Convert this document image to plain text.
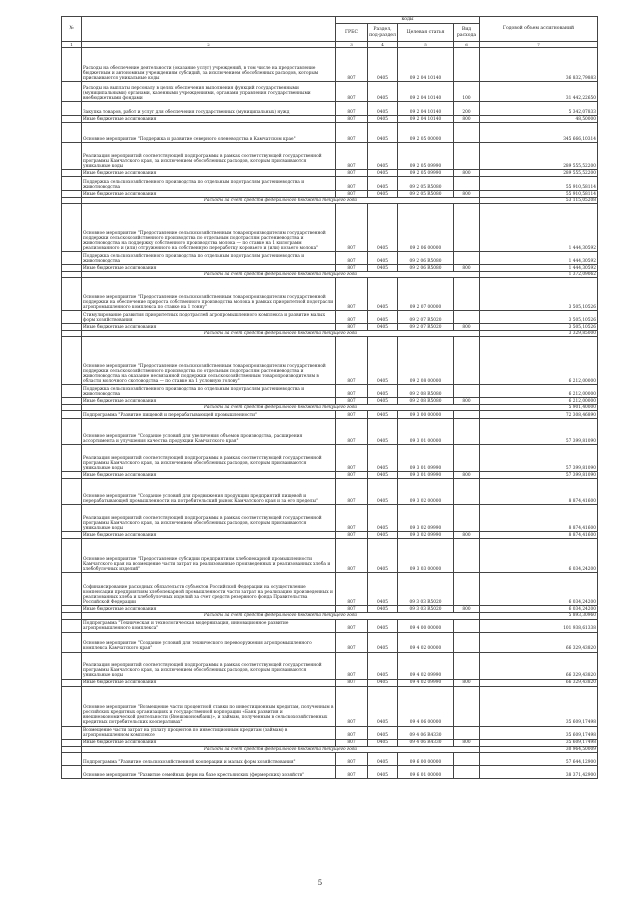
№		коды				Годовой объем ассигнований
		ГРБС	Раздел, под-раздел	Целевая статья	Вид расхода	
1	2	3	4	5	6	7
	Расходы на обеспечение деятельности (оказание услуг) учреждений, в том числе на предоставление бюджетным и автономным учреждениям субсидий, за исключением обособленных расходов, которым присваиваются уникальные коды	807	0405	09 2 04 10140		36 832,79883
	Расходы на выплаты персоналу в целях обеспечения выполнения функций государственными (муниципальными) органами, казенными учреждениями, органами управления государственными внебюджетными фондами	807	0405	09 2 04 10140	100	31 442,22650
	Закупка товаров, работ и услуг для обеспечения государственных (муниципальных) нужд	807	0405	09 2 04 10140	200	5 342,07833
	Иные бюджетные ассигнования	807	0405	09 2 04 10140	800	48,50000
	Основное мероприятие "Поддержка и развитие северного оленеводства в Камчатском крае"	807	0405	09 2 05 00000		345 666,10314
	Реализация мероприятий соответствующей подпрограммы в рамках соответствующей государственной программы Камчатского края, за исключением обособленных расходов, которым присваиваются уникальные коды	807	0405	09 2 05 09990		289 555,52200
	Иные бюджетные ассигнования	807	0405	09 2 05 09990	800	289 555,52200
	Поддержка сельскохозяйственного производства по отдельным подотраслям растениеводства и животноводства	807	0405	09 2 05 R5080		55 910,58114
	Иные бюджетные ассигнования	807	0405	09 2 05 R5080	800	55 910,58114
	Расходы за счет средств федерального бюджета текущего года					53 115,05208
	Основное мероприятие "Предоставление сельскохозяйственным товаропроизводителям государственной поддержки сельскохозяйственного производства по отдельным подотраслям растениеводства и животноводства на поддержку собственного производства молока — по ставке на 1 килограмм реализованного и (или) отгруженного на собственную переработку коровьего и (или) козьего молока"	807	0405	09 2 06 00000		1 444,30592
	Поддержка сельскохозяйственного производства по отдельным подотраслям растениеводства и животноводства	807	0405	09 2 06 R5080		1 444,30592
	Иные бюджетные ассигнования	807	0405	09 2 06 R5080	800	1 444,30592
	Расходы за счет средств федерального бюджета текущего года					1 372,09062
	Основное мероприятие "Предоставление сельскохозяйственным товаропроизводителям государственной поддержки на обеспечение прироста собственного производства молока в рамках приоритетной подотрасли агропромышленного комплекса по ставке на 1 тонну"	807	0405	09 2 07 00000		3 505,10526
	Стимулирование развития приоритетных подотраслей агропромышленного комплекса и развитие малых форм хозяйствования	807	0405	09 2 07 R5020		3 505,10526
	Иные бюджетные ассигнования	807	0405	09 2 07 R5020	800	3 505,10526
	Расходы за счет средств федерального бюджета текущего года					3 329,85000
	Основное мероприятие "Предоставление сельскохозяйственным товаропроизводителям государственной поддержки сельскохозяйственного производства по отдельным подотраслям растениеводства и животноводства на оказание несвязанной поддержки сельскохозяйственным товаропроизводителям в области молочного скотоводства — по ставке на 1 условную голову"	807	0405	09 2 08 00000		6 212,00000
	Поддержка сельскохозяйственного производства по отдельным подотраслям растениеводства и животноводства	807	0405	09 2 08 R5080		6 212,00000
	Иные бюджетные ассигнования	807	0405	09 2 08 R5080	800	6 212,00000
	Расходы за счет средств федерального бюджета текущего года					5 901,40000
	Подпрограмма "Развитие пищевой и перерабатывающей промышленности"	807	0405	09 3 00 00000		72 308,46890
	Основное мероприятие "Создание условий для увеличения объемов производства, расширения ассортимента и улучшения качества продукции Камчатского края"	807	0405	09 3 01 00000		57 399,81090
	Реализация мероприятий соответствующей подпрограммы в рамках соответствующей государственной программы Камчатского края, за исключением обособленных расходов, которым присваиваются уникальные коды	807	0405	09 3 01 09990		57 399,81090
	Иные бюджетные ассигнования	807	0405	09 3 01 09990	800	57 399,81090
	Основное мероприятие "Создание условий для продвижения продукции предприятий пищевой и перерабатывающей промышленности на потребительский рынок Камчатского края и за его пределы"	807	0405	09 3 02 00000		8 874,41600
	Реализация мероприятий соответствующей подпрограммы в рамках соответствующей государственной программы Камчатского края, за исключением обособленных расходов, которым присваиваются уникальные коды	807	0405	09 3 02 09990		8 874,41600
	Иные бюджетные ассигнования	807	0405	09 3 02 09990	800	8 874,41600
	Основное мероприятие "Предоставление субсидии предприятиям хлебопекарной промышленности Камчатского края на возмещение части затрат на реализованные произведенных и реализованных хлеба и хлебобулочных изделий"	807	0405	09 3 03 00000		6 034,24200
	Софинансирование расходных обязательств субъектов Российской Федерации на осуществление компенсации предприятиям хлебопекарной промышленности части затрат на реализацию произведенных и реализованных хлеба и хлебобулочных изделий за счет средств резервного фонда Правительства Российской Федерации	807	0405	09 3 03 R5020		6 034,24200
	Иные бюджетные ассигнования	807	0405	09 3 03 R5020	800	6 034,24200
	Расходы за счет средств федерального бюджета текущего года					5 893,30960
	Подпрограмма "Техническая и технологическая модернизация, инновационное развитие агропромышленного комплекса"	807	0405	09 4 00 00000		101 938,61338
	Основное мероприятие "Создание условий для технического перевооружения агропромышленного комплекса Камчатского края"	807	0405	09 4 02 00000		66 329,43820
	Реализация мероприятий соответствующей подпрограммы в рамках соответствующей государственной программы Камчатского края, за исключением обособленных расходов, которым присваиваются уникальные коды	807	0405	09 4 02 09990		66 329,43820
	Иные бюджетные ассигнования	807	0405	09 4 02 09990	800	66 329,43820
	Основное мероприятие "Возмещение части процентной ставки по инвестиционным кредитам, полученным в российских кредитных организациях и государственной корпорации «Банк развития и внешнеэкономической деятельности (Внешэкономбанк)», и займам, полученным в сельскохозяйственных кредитных потребительских кооперативах"	807	0405	09 4 06 00000		35 609,17498
	Возмещение части затрат на уплату процентов по инвестиционным кредитам (займам) в агропромышленном комплексе	807	0405	09 4 06 R4330		35 609,17498
	Иные бюджетные ассигнования	807	0405	09 4 06 R4330	800	35 609,17498
	Расходы за счет средств федерального бюджета текущего года					30 964,50009
	Подпрограмма "Развитие сельскохозяйственной кооперации и малых форм хозяйствования"	807	0405	09 6 00 00000		57 644,12900
	Основное мероприятие "Развитие семейных ферм на базе крестьянских (фермерских) хозяйств"	807	0405	09 6 01 00000		38 371,42900
5
